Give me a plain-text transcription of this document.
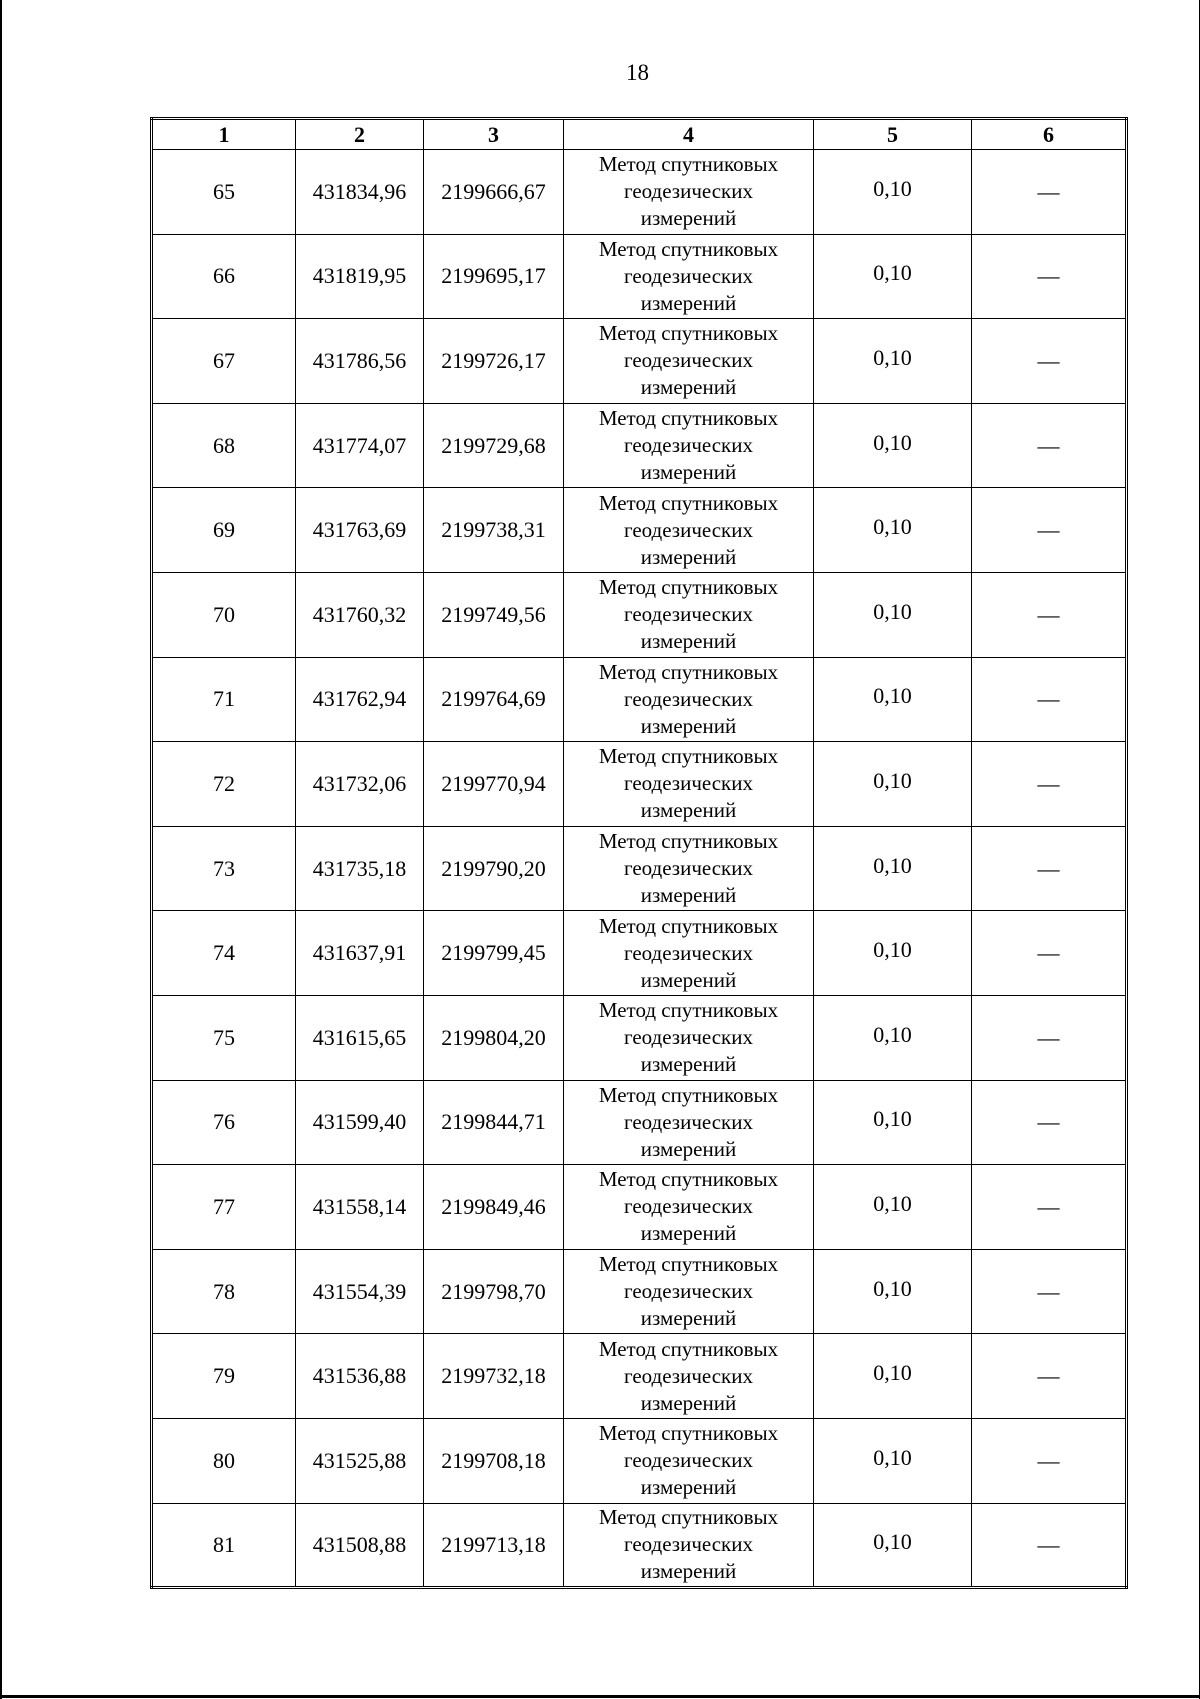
18
1	2	3	4	5	6
65	431834,96	2199666,67	Метод спутниковых геодезических измерений	0,10	—
66	431819,95	2199695,17	Метод спутниковых геодезических измерений	0,10	—
67	431786,56	2199726,17	Метод спутниковых геодезических измерений	0,10	—
68	431774,07	2199729,68	Метод спутниковых геодезических измерений	0,10	—
69	431763,69	2199738,31	Метод спутниковых геодезических измерений	0,10	—
70	431760,32	2199749,56	Метод спутниковых геодезических измерений	0,10	—
71	431762,94	2199764,69	Метод спутниковых геодезических измерений	0,10	—
72	431732,06	2199770,94	Метод спутниковых геодезических измерений	0,10	—
73	431735,18	2199790,20	Метод спутниковых геодезических измерений	0,10	—
74	431637,91	2199799,45	Метод спутниковых геодезических измерений	0,10	—
75	431615,65	2199804,20	Метод спутниковых геодезических измерений	0,10	—
76	431599,40	2199844,71	Метод спутниковых геодезических измерений	0,10	—
77	431558,14	2199849,46	Метод спутниковых геодезических измерений	0,10	—
78	431554,39	2199798,70	Метод спутниковых геодезических измерений	0,10	—
79	431536,88	2199732,18	Метод спутниковых геодезических измерений	0,10	—
80	431525,88	2199708,18	Метод спутниковых геодезических измерений	0,10	—
81	431508,88	2199713,18	Метод спутниковых геодезических измерений	0,10	—
